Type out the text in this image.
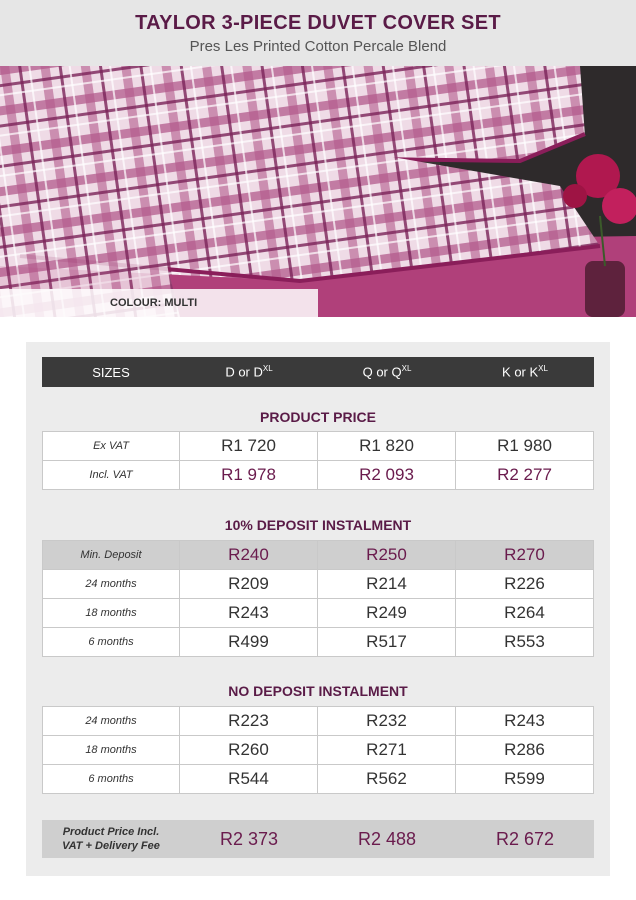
TAYLOR 3-PIECE DUVET COVER SET
Pres Les Printed Cotton Percale Blend
COLOUR: MULTI
SIZES	D or $D^{XL}$	Q or $Q^{XL}$	K or $K^{XL}$
PRODUCT PRICE
Ex VAT	R1 720	R1 820	R1 980
Incl. VAT	R1 978	R2 093	R2 277
10% DEPOSIT INSTALMENT
Min. Deposit	R240	R250	R270
24 months	R209	R214	R226
18 months	R243	R249	R264
6 months	R499	R517	R553
NO DEPOSIT INSTALMENT
24 months	R223	R232	R243
18 months	R260	R271	R286
6 months	R544	R562	R599
Product Price Incl.
VAT + Delivery Fee	R2 373	R2 488	R2 672
